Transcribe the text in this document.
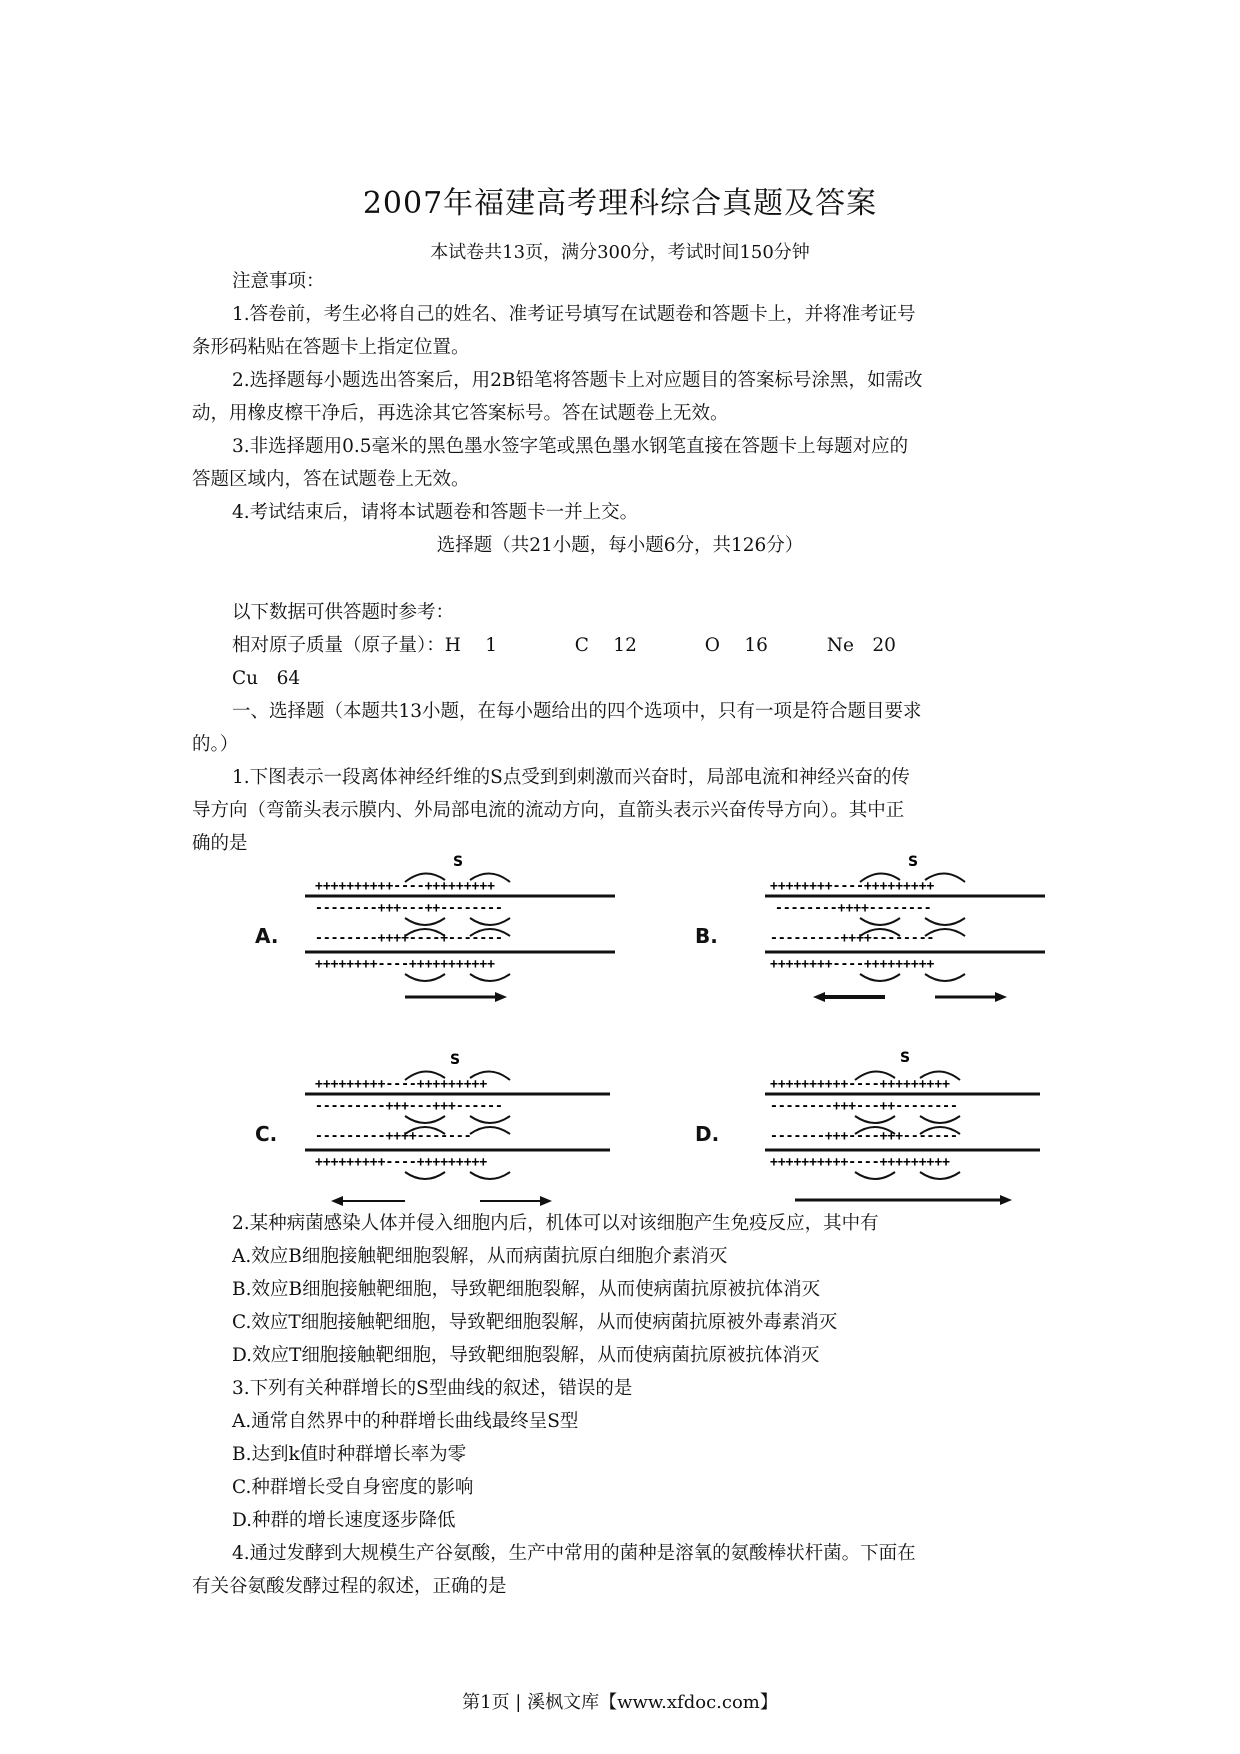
2007年福建高考理科综合真题及答案
本试卷共13页，满分300分，考试时间150分钟
注意事项：
1.答卷前，考生必将自己的姓名、准考证号填写在试题卷和答题卡上，并将准考证号
条形码粘贴在答题卡上指定位置。
2.选择题每小题选出答案后，用2B铅笔将答题卡上对应题目的答案标号涂黑，如需改
动，用橡皮檫干净后，再选涂其它答案标号。答在试题卷上无效。
3.非选择题用0.5毫米的黑色墨水签字笔或黑色墨水钢笔直接在答题卡上每题对应的
答题区域内，答在试题卷上无效。
4.考试结束后，请将本试题卷和答题卡一并上交。
选择题（共21小题，每小题6分，共126分）
以下数据可供答题时参考：
相对原子质量（原子量）：H　 1	C　 12	O　 16	Ne　20
Cu　64
一、选择题（本题共13小题，在每小题给出的四个选项中，只有一项是符合题目要求
的。）
1.下图表示一段离体神经纤维的S点受到到刺激而兴奋时，局部电流和神经兴奋的传
导方向（弯箭头表示膜内、外局部电流的流动方向，直箭头表示兴奋传导方向）。其中正
确的是
A.
S
++++++++++----+++++++++
--------+++---++--------
--------++++----+-------
++++++++----+++++++++++
B.
S
++++++++----+++++++++
--------++++--------
---------++++--------
++++++++----+++++++++
C.
S
+++++++++----+++++++++
---------+++---+++------
---------++++-------
+++++++++----+++++++++
D.
S
++++++++++----+++++++++
--------+++---++--------
-------+++----+++-------
++++++++++----+++++++++
2.某种病菌感染人体并侵入细胞内后，机体可以对该细胞产生免疫反应，其中有
A.效应B细胞接触靶细胞裂解，从而病菌抗原白细胞介素消灭
B.效应B细胞接触靶细胞，导致靶细胞裂解，从而使病菌抗原被抗体消灭
C.效应T细胞接触靶细胞，导致靶细胞裂解，从而使病菌抗原被外毒素消灭
D.效应T细胞接触靶细胞，导致靶细胞裂解，从而使病菌抗原被抗体消灭
3.下列有关种群增长的S型曲线的叙述，错误的是
A.通常自然界中的种群增长曲线最终呈S型
B.达到k值时种群增长率为零
C.种群增长受自身密度的影响
D.种群的增长速度逐步降低
4.通过发酵到大规模生产谷氨酸，生产中常用的菌种是溶氧的氨酸棒状杆菌。下面在
有关谷氨酸发酵过程的叙述，正确的是
第1页 | 溪枫文库【www.xfdoc.com】
